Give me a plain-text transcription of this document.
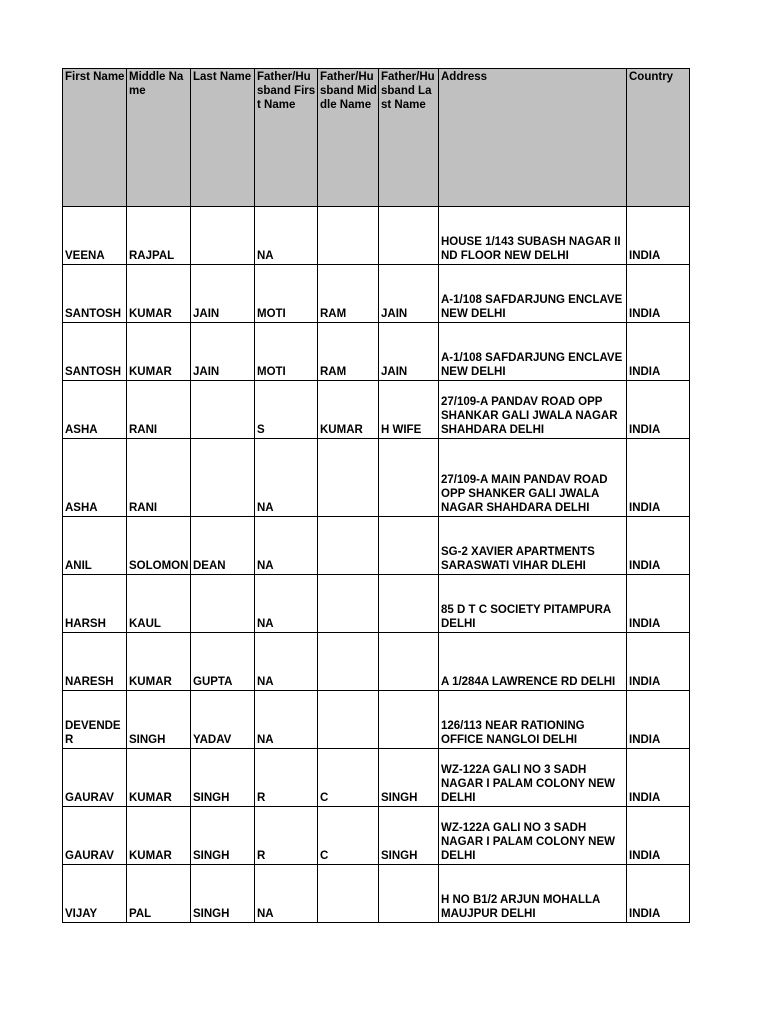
First Name	Middle Name	Last Name	Father/Husband First Name	Father/Husband Middle Name	Father/Husband Last Name	Address	Country
VEENA	RAJPAL		NA			HOUSE 1/143 SUBASH NAGAR II ND FLOOR NEW DELHI	INDIA
SANTOSH	KUMAR	JAIN	MOTI	RAM	JAIN	A-1/108 SAFDARJUNG ENCLAVE NEW DELHI	INDIA
SANTOSH	KUMAR	JAIN	MOTI	RAM	JAIN	A-1/108 SAFDARJUNG ENCLAVE NEW DELHI	INDIA
ASHA	RANI		S	KUMAR	H WIFE	27/109-A PANDAV ROAD OPP SHANKAR GALI JWALA NAGAR SHAHDARA DELHI	INDIA
ASHA	RANI		NA			27/109-A MAIN PANDAV ROAD OPP SHANKER GALI JWALA NAGAR SHAHDARA DELHI	INDIA
ANIL	SOLOMON	DEAN	NA			SG-2 XAVIER APARTMENTS SARASWATI VIHAR DLEHI	INDIA
HARSH	KAUL		NA			85 D T C SOCIETY PITAMPURA DELHI	INDIA
NARESH	KUMAR	GUPTA	NA			A 1/284A LAWRENCE RD DELHI	INDIA
DEVENDER	SINGH	YADAV	NA			126/113 NEAR RATIONING OFFICE NANGLOI DELHI	INDIA
GAURAV	KUMAR	SINGH	R	C	SINGH	WZ-122A GALI NO 3 SADH NAGAR I PALAM COLONY NEW DELHI	INDIA
GAURAV	KUMAR	SINGH	R	C	SINGH	WZ-122A GALI NO 3 SADH NAGAR I PALAM COLONY NEW DELHI	INDIA
VIJAY	PAL	SINGH	NA			H NO B1/2 ARJUN MOHALLA MAUJPUR DELHI	INDIA
